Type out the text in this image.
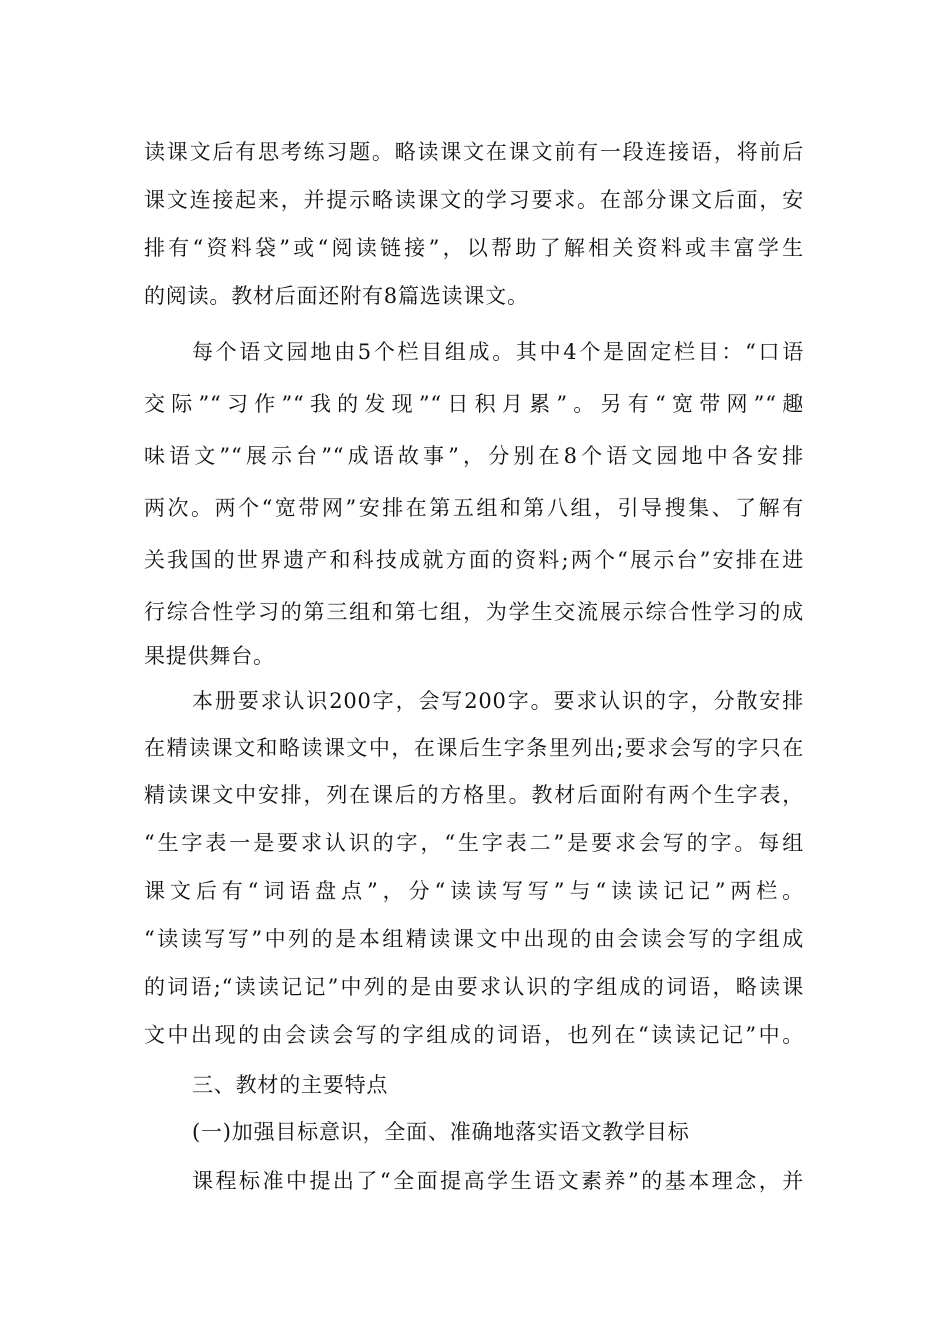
读课文后有思考练习题。略读课文在课文前有一段连接语，将前后
课文连接起来，并提示略读课文的学习要求。在部分课文后面，安
排有“资料袋”或“阅读链接”，以帮助了解相关资料或丰富学生
的阅读。教材后面还附有8篇选读课文。
每个语文园地由5个栏目组成。其中4个是固定栏目：“口语
交际”“习作”“我的发现”“日积月累”。另有“宽带网”“趣
味语文”“展示台”“成语故事”，分别在8个语文园地中各安排
两次。两个“宽带网”安排在第五组和第八组，引导搜集、了解有
关我国的世界遗产和科技成就方面的资料;两个“展示台”安排在进
行综合性学习的第三组和第七组，为学生交流展示综合性学习的成
果提供舞台。
本册要求认识200字，会写200字。要求认识的字，分散安排
在精读课文和略读课文中，在课后生字条里列出;要求会写的字只在
精读课文中安排，列在课后的方格里。教材后面附有两个生字表，
“生字表一是要求认识的字，“生字表二”是要求会写的字。每组
课文后有“词语盘点”，分“读读写写”与“读读记记”两栏。
“读读写写”中列的是本组精读课文中出现的由会读会写的字组成
的词语;“读读记记”中列的是由要求认识的字组成的词语，略读课
文中出现的由会读会写的字组成的词语，也列在“读读记记”中。
三、教材的主要特点
(一)加强目标意识，全面、准确地落实语文教学目标
课程标准中提出了“全面提高学生语文素养”的基本理念，并
